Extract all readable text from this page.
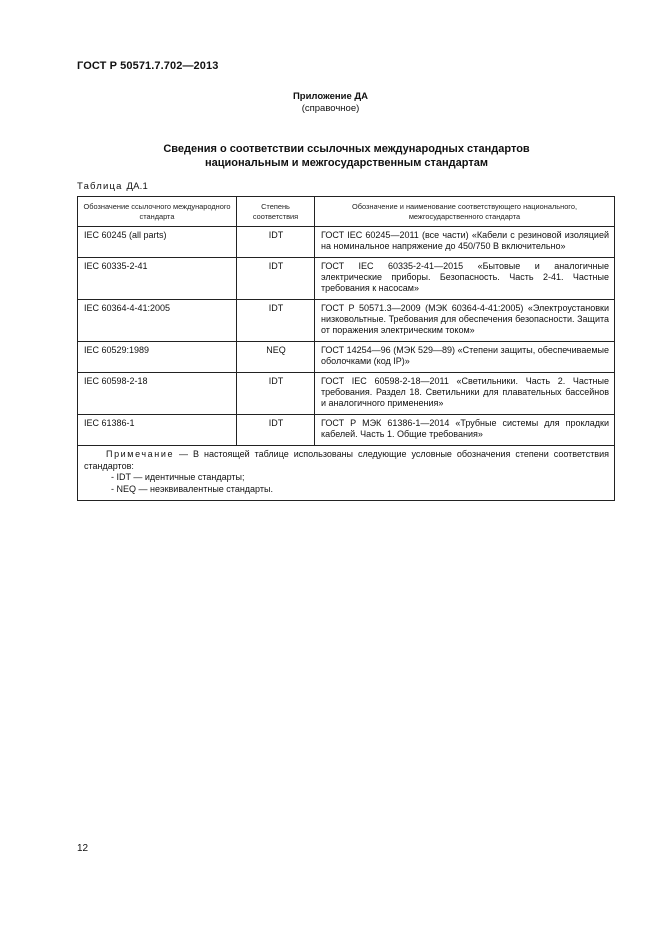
ГОСТ Р 50571.7.702—2013
Приложение ДА
(справочное)
Сведения о соответствии ссылочных международных стандартов
национальным и межгосударственным стандартам
Таблица ДА.1
Обозначение ссылочного международного стандарта	Степень соответствия	Обозначение и наименование соответствующего национального, межгосударственного стандарта
IEC 60245 (all parts)	IDT	ГОСТ IEC 60245—2011 (все части) «Кабели с резиновой изоляцией на номинальное напряжение до 450/750 В включительно»
IEC 60335-2-41	IDT	ГОСТ IEC 60335-2-41—2015 «Бытовые и аналогичные электрические приборы. Безопасность. Часть 2-41. Частные требования к насосам»
IEC 60364-4-41:2005	IDT	ГОСТ Р 50571.3—2009 (МЭК 60364-4-41:2005) «Электроустановки низковольтные. Требования для обеспечения безопасности. Защита от поражения электрическим током»
IEC 60529:1989	NEQ	ГОСТ 14254—96 (МЭК 529—89) «Степени защиты, обеспечиваемые оболочками (код IP)»
IEC 60598-2-18	IDT	ГОСТ IEC 60598-2-18—2011 «Светильники. Часть 2. Частные требования. Раздел 18. Светильники для плавательных бассейнов и аналогичного применения»
IEC 61386-1	IDT	ГОСТ Р МЭК 61386-1—2014 «Трубные системы для прокладки кабелей. Часть 1. Общие требования»

Примечание — В настоящей таблице использованы следующие условные обозначения степени соответствия стандартов:
- IDT — идентичные стандарты;
- NEQ — неэквивалентные стандарты.		
12
